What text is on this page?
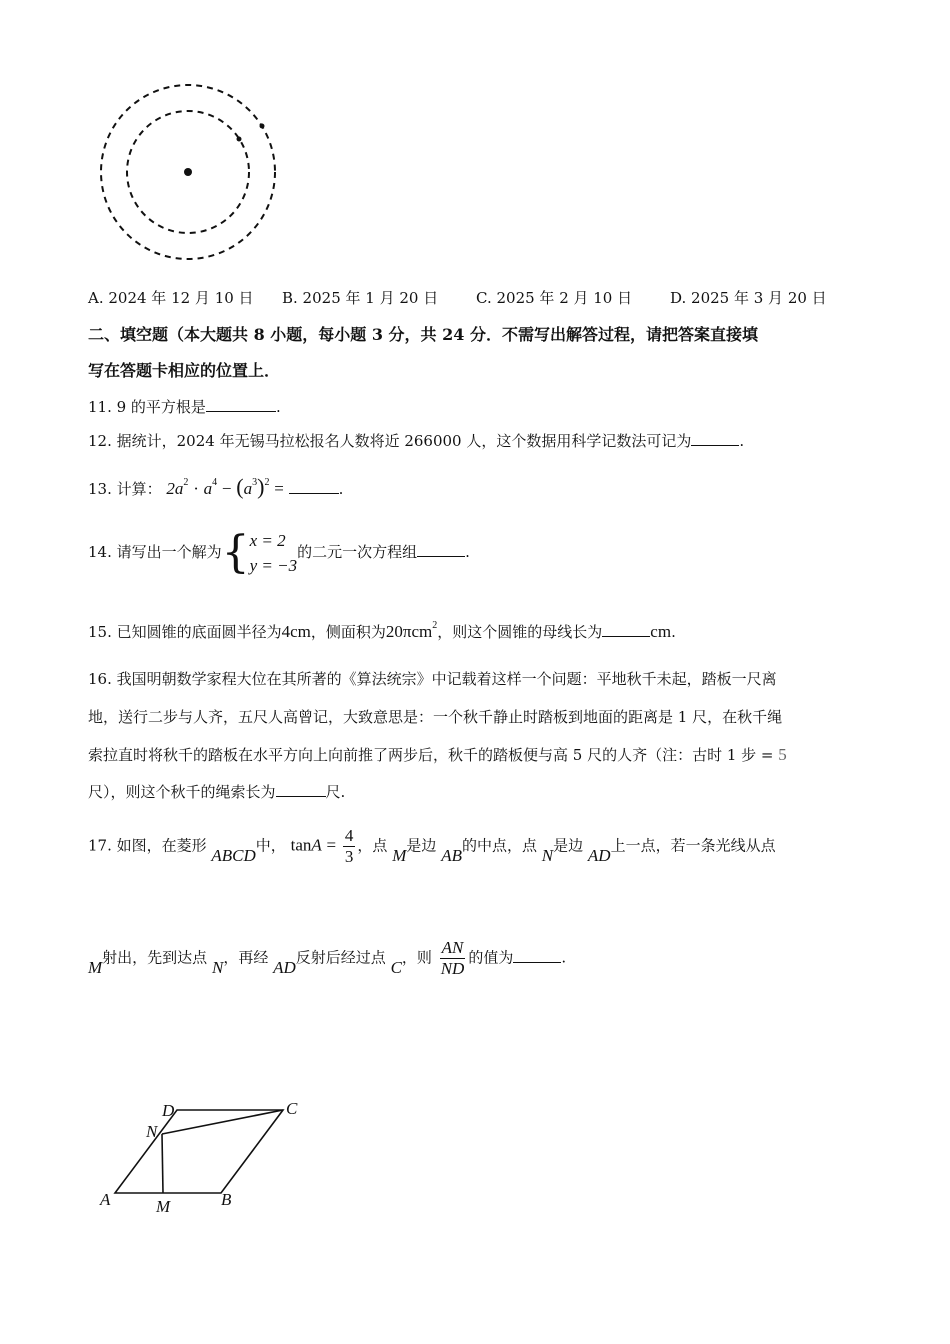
A. 2024 年 12 月 10 日 B. 2025 年 1 月 20 日	C. 2025 年 2 月 10 日	D. 2025 年 3 月 20 日
二、填空题（本大题共 8 小题，每小题 3 分，共 24 分．不需写出解答过程，请把答案直接填
写在答题卡相应的位置上．
11. 9 的平方根是	.
12. 据统计，2024 年无锡马拉松报名人数将近 266000 人，这个数据用科学记数法可记为	.
13. 计算： $2a^2 \cdot a^4 - (a^3)^2$ =	.
14. 请写出一个解为{ x = 2
y = −3
的二元一次方程组	.
15. 已知圆锥的底面圆半径为4cm，侧面积为20πcm$^2$，则这个圆锥的母线长为	cm.
16. 我国明朝数学家程大位在其所著的《算法统宗》中记载着这样一个问题：平地秋千未起，踏板一尺离
地，送行二步与人齐，五尺人高曾记，大致意思是：一个秋千静止时踏板到地面的距离是 1 尺，在秋千绳
索拉直时将秋千的踏板在水平方向上向前推了两步后，秋千的踏板便与高 5 尺的人齐（注：古时 1 步 = 5
尺），则这个秋千的绳索长为	尺.
17. 如图，在菱形 ABCD中， $\tan A = \frac{4}{3}$ ，点 M是边 AB的中点，点 N是边 AD上一点，若一条光线从点
M射出，先到达点 N，再经 AD反射后经过点 C，则 $\frac{AN}{ND}$ 的值为	.
A	B
C
D
M
N
